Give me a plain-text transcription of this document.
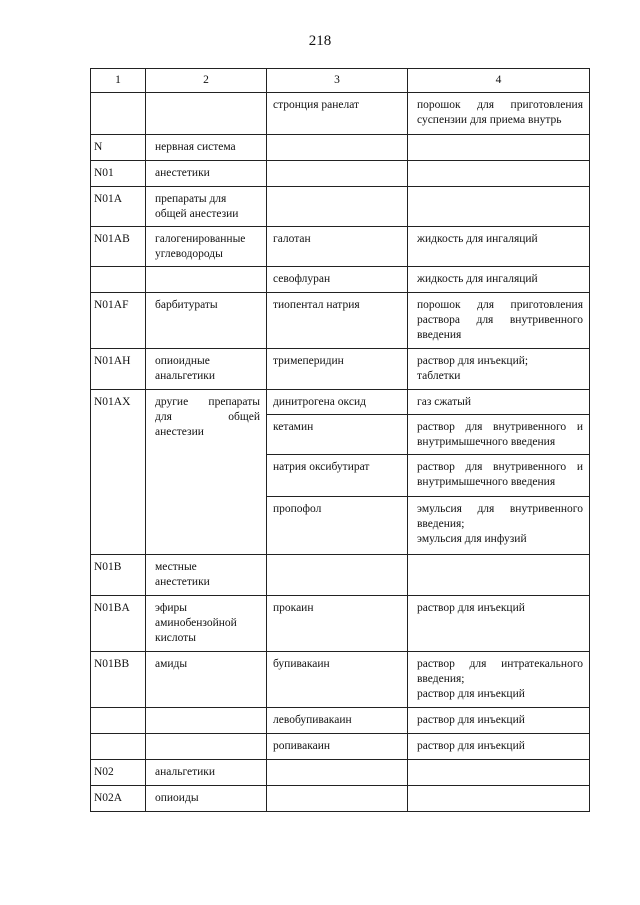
218
1	2	3	4
		стронция ранелат	порошок для приготовления
суспензии для приема внутрь

N	нервная система		

N01	анестетики		

N01A	препараты для
общей анестезии		

N01AB	галогенированные
углеводороды	галотан	жидкость для ингаляций

		севофлуран	жидкость для ингаляций

N01AF	барбитураты	тиопентал натрия	порошок для приготовления
раствора для внутривенного
введения

N01AH	опиоидные
анальгетики	тримеперидин	раствор для инъекций;
таблетки

N01AX	другие препараты
для общей
анестезии	динитрогена оксид	газ сжатый

		кетамин	раствор для внутривенного и
внутримышечного введения

		натрия оксибутират	раствор для внутривенного и
внутримышечного введения

		пропофол	эмульсия для внутривенного
введения;
эмульсия для инфузий

N01B	местные
анестетики		

N01BA	эфиры
аминобензойной
кислоты	прокаин	раствор для инъекций

N01BB	амиды	бупивакаин	раствор для интратекального
введения;
раствор для инъекций

		левобупивакаин	раствор для инъекций

		ропивакаин	раствор для инъекций

N02	анальгетики		

N02A	опиоиды		
